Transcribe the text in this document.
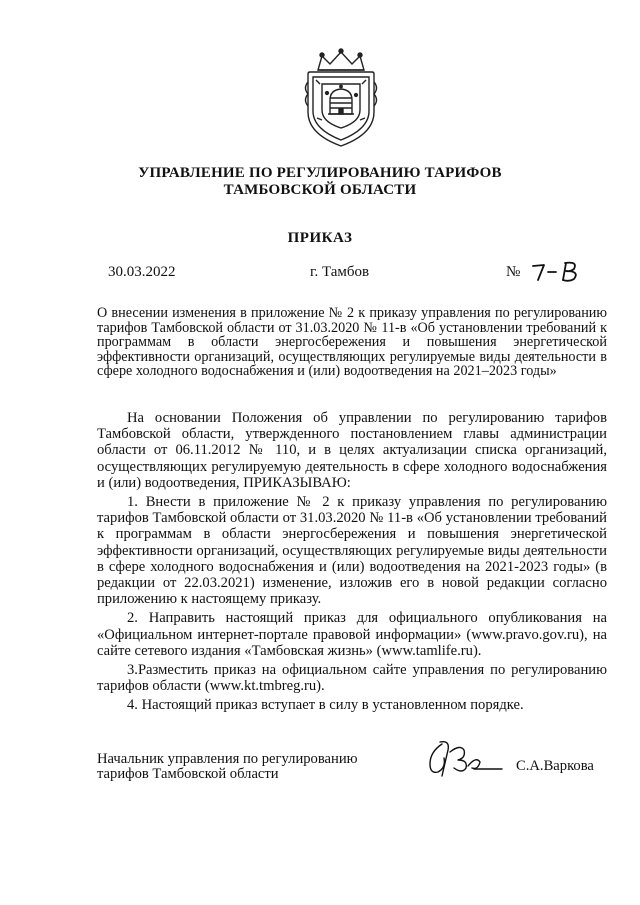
УПРАВЛЕНИЕ ПО РЕГУЛИРОВАНИЮ ТАРИФОВ
ТАМБОВСКОЙ ОБЛАСТИ
ПРИКАЗ
30.03.2022	г. Тамбов	№
О внесении изменения в приложение № 2 к приказу управления по регулированию тарифов Тамбовской области от 31.03.2020 № 11-в «Об установлении требований к программам в области энергосбережения и повышения энергетической эффективности организаций, осуществляющих регулируемые виды деятельности в сфере холодного водоснабжения и (или) водоотведения на 2021–2023 годы»

На основании Положения об управлении по регулированию тарифов Тамбовской области, утвержденного постановлением главы администрации области от 06.11.2012 № 110, и в целях актуализации списка организаций, осуществляющих регулируемую деятельность в сфере холодного водоснабжения и (или) водоотведения, ПРИКАЗЫВАЮ:

1. Внести в приложение № 2 к приказу управления по регулированию тарифов Тамбовской области от 31.03.2020 № 11-в «Об установлении требований к программам в области энергосбережения и повышения энергетической эффективности организаций, осуществляющих регулируемые виды деятельности в сфере холодного водоснабжения и (или) водоотведения на 2021-2023 годы» (в редакции от 22.03.2021) изменение, изложив его в новой редакции согласно приложению к настоящему приказу.

2. Направить настоящий приказ для официального опубликования на «Официальном интернет-портале правовой информации» (www.pravo.gov.ru), на сайте сетевого издания «Тамбовская жизнь» (www.tamlife.ru).

3.Разместить приказ на официальном сайте управления по регулированию тарифов области (www.kt.tmbreg.ru).

4. Настоящий приказ вступает в силу в установленном порядке.

Начальник управления по регулированию
тарифов Тамбовской области	С.А.Варкова
